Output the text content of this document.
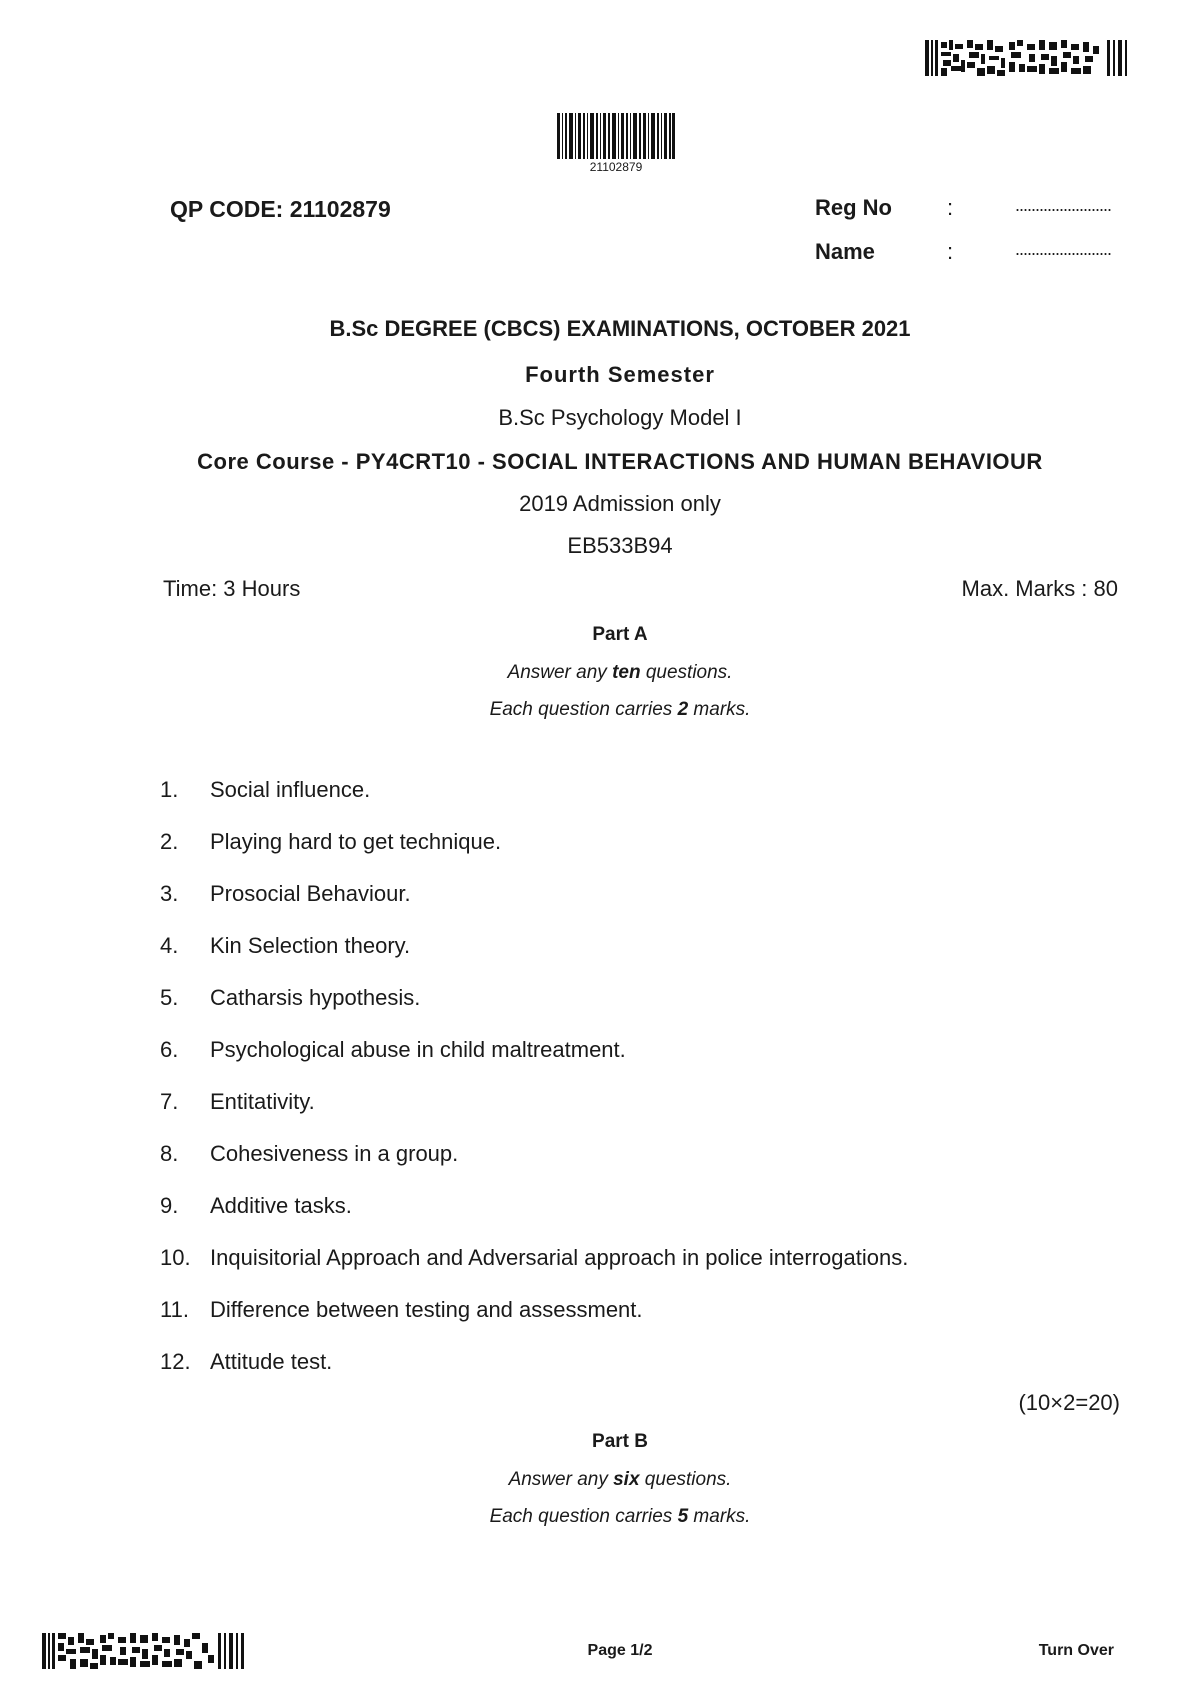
21102879
QP CODE: 21102879	Reg No	:	........................
Name	:	........................
B.Sc DEGREE (CBCS) EXAMINATIONS, OCTOBER 2021
Fourth Semester
B.Sc Psychology Model I
Core Course - PY4CRT10 - SOCIAL INTERACTIONS AND HUMAN BEHAVIOUR
2019 Admission only
EB533B94
Time: 3 Hours	Max. Marks : 80
Part A
Answer any ten questions.
Each question carries 2 marks.
1. Social influence.
2. Playing hard to get technique.
3. Prosocial Behaviour.
4. Kin Selection theory.
5. Catharsis hypothesis.
6. Psychological abuse in child maltreatment.
7. Entitativity.
8. Cohesiveness in a group.
9. Additive tasks.
10. Inquisitorial Approach and Adversarial approach in police interrogations.
11. Difference between testing and assessment.
12. Attitude test.
(10×2=20)
Part B
Answer any six questions.
Each question carries 5 marks.
Page 1/2	Turn Over
